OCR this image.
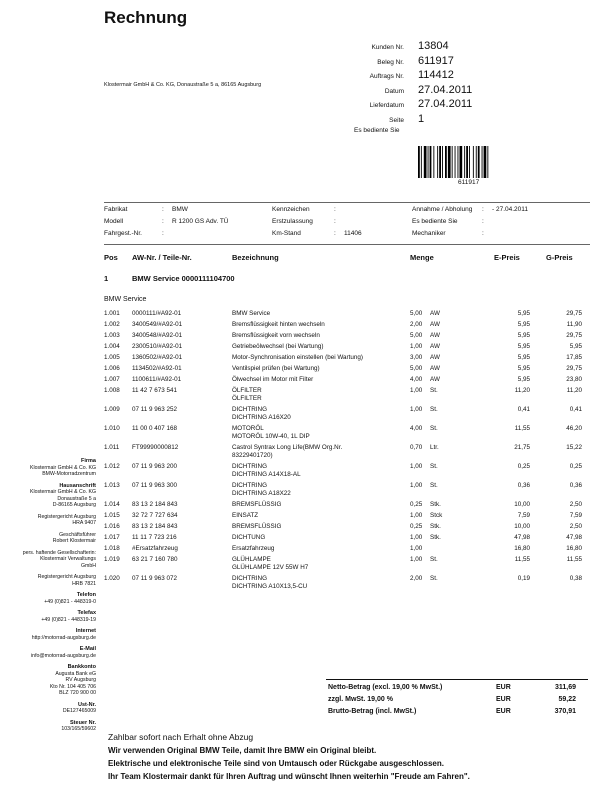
Rechnung
Klostermair GmbH & Co. KG, Donaustraße 5 a, 86165 Augsburg
Kunden Nr.	13804
Beleg Nr.	611917
Auftrags Nr.	114412
Datum	27.04.2011
Lieferdatum	27.04.2011
Seite	1
Es bediente Sie
611917
Fabrikat	: BMW
Modell	: R 1200 GS Adv. TÜ
Fahrgest.-Nr.	:
Kennzeichen	:
Erstzulassung	:
Km-Stand	: 11406
Annahme / Abholung : - 27.04.2011
Es bediente Sie	:
Mechaniker	:
Pos AW-Nr. / Teile-Nr.	Bezeichnung	Menge	E-Preis	G-Preis
1	BMW Service 0000111104700
BMW Service
1.001 0000111/#A92-01	BMW Service	5,00 AW	5,95	29,75
1.002 3400549/#A92-01	Bremsflüssigkeit hinten wechseln	2,00 AW	5,95	11,90
1.003 3400548/#A92-01	Bremsflüssigkeit vorn wechseln	5,00 AW	5,95	29,75
1.004 2300510/#A92-01	Getriebeölwechsel (bei Wartung)	1,00 AW	5,95	5,95
1.005 1360502/#A92-01	Motor-Synchronisation einstellen (bei Wartung)	3,00 AW	5,95	17,85
1.006 1134502/#A92-01	Ventilspiel prüfen (bei Wartung)	5,00 AW	5,95	29,75
1.007 1100611/#A92-01	Ölwechsel im Motor mit Filter	4,00 AW	5,95	23,80
1.008 11 42 7 673 541	ÖLFILTER	1,00 St.	11,20	11,20
ÖLFILTER
1.009 07 11 9 963 252	DICHTRING	1,00 St.	0,41	0,41
DICHTRING A16X20
1.010 11 00 0 407 168	MOTORÖL	4,00 St.	11,55	46,20
MOTORÖL 10W-40, 1L DIP
1.011 FT99990000812	Castrol Syntrax Long Life(BMW Org.Nr.	0,70 Ltr.	21,75	15,22
83229401720)
1.012 07 11 9 963 200	DICHTRING	1,00 St.	0,25	0,25
DICHTRING A14X18-AL
1.013 07 11 9 963 300	DICHTRING	1,00 St.	0,36	0,36
DICHTRING A18X22
1.014 83 13 2 184 843	BREMSFLÜSSIG	0,25 Stk.	10,00	2,50
1.015 32 72 7 727 634	EINSATZ	1,00 Stck	7,59	7,59
1.016 83 13 2 184 843	BREMSFLÜSSIG	0,25 Stk.	10,00	2,50
1.017 11 11 7 723 216	DICHTUNG	1,00 Stk.	47,98	47,98
1.018 #Ersatzfahrzeug	Ersatzfahrzeug	1,00	16,80	16,80
1.019 63 21 7 160 780	GLÜHLAMPE	1,00 St.	11,55	11,55
GLÜHLAMPE 12V 55W H7
1.020 07 11 9 963 072	DICHTRING	2,00 St.	0,19	0,38
DICHTRING A10X13,5-CU
Firma
Klostermair GmbH & Co. KG
BMW-Motorradzentrum
Hausanschrift
Klostermair GmbH & Co. KG
Donaustraße 5 a
D-86165 Augsburg
Registergericht Augsburg
HRA 9407
Geschäftsführer
Robert Klostermair
pers. haftende Gesellschafterin:
Klostermair Verwaltungs
GmbH
Registergericht Augsburg
HRB 7821
Telefon
+49 (0)821 - 448319-0
Telefax
+49 (0)821 - 448319-19
Internet
http://motorrad-augsburg.de
E-Mail
info@motorrad-augsburg.de
Bankkonto
Augusta Bank eG
RV Augsburg
Kto Nr. 104 405 706
BLZ 720 900 00
Ust-Nr.
DE127465009
Steuer Nr.
103/165/59602
Netto-Betrag (excl. 19,00 % MwSt.)	EUR	311,69
zzgl. MwSt. 19,00 %	EUR	59,22
Brutto-Betrag (incl. MwSt.)	EUR	370,91
Zahlbar sofort nach Erhalt ohne Abzug
Wir verwenden Original BMW Teile, damit Ihre BMW ein Original bleibt.
Elektrische und elektronische Teile sind von Umtausch oder Rückgabe ausgeschlossen.
Ihr Team Klostermair dankt für Ihren Auftrag und wünscht Ihnen weiterhin "Freude am Fahren".
